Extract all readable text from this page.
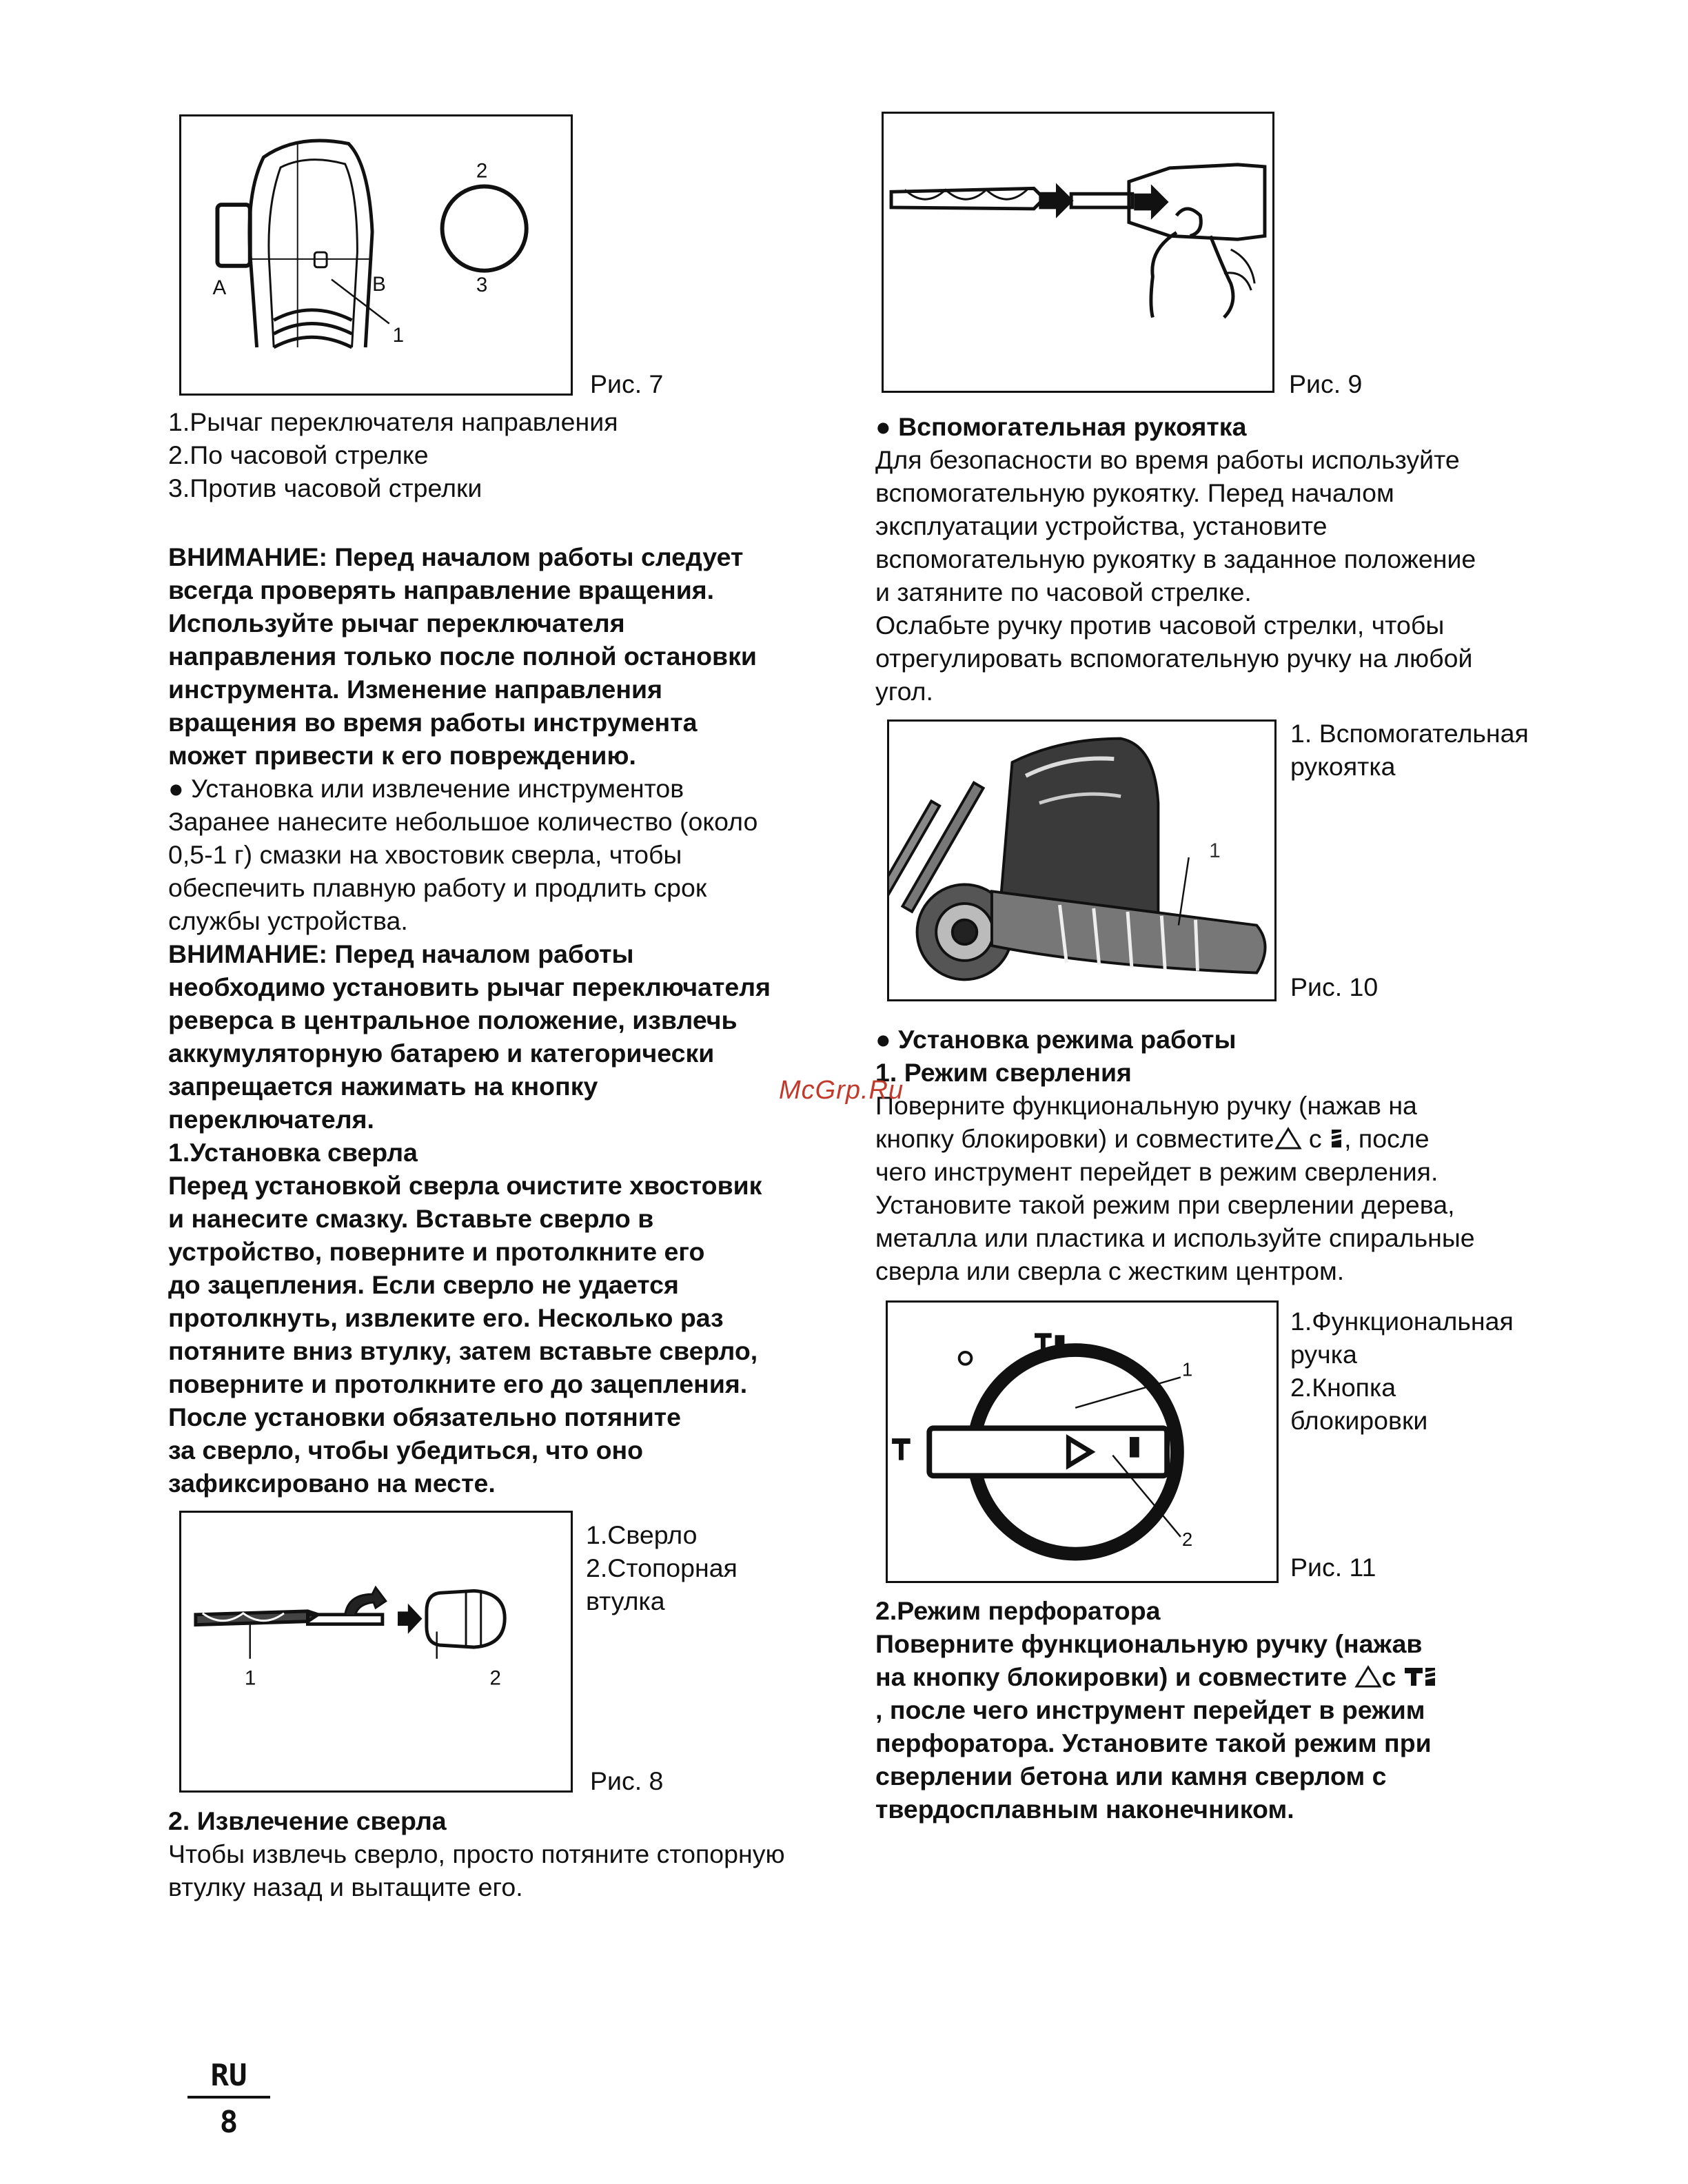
A	B
1
2
3
Рис. 7
1.Рычаг переключателя направления
2.По часовой стрелке
3.Против часовой стрелки
ВНИМАНИЕ: Перед началом работы следует
всегда проверять направление вращения.
Используйте рычаг переключателя
направления только после полной остановки
инструмента. Изменение направления
вращения во время работы инструмента
может привести к его повреждению.
● Установка или извлечение инструментов
Заранее нанесите небольшое количество (около
0,5-1 г) смазки на хвостовик сверла, чтобы
обеспечить плавную работу и продлить срок
службы устройства.
ВНИМАНИЕ: Перед началом работы
необходимо установить рычаг переключателя
реверса в центральное положение, извлечь
аккумуляторную батарею и категорически
запрещается нажимать на кнопку
переключателя.
1.Установка сверла
Перед установкой сверла очистите хвостовик
и нанесите смазку. Вставьте сверло в
устройство, поверните и протолкните его
до зацепления. Если сверло не удается
протолкнуть, извлеките его. Несколько раз
потяните вниз втулку, затем вставьте сверло,
поверните и протолкните его до зацепления.
После установки обязательно потяните
за сверло, чтобы убедиться, что оно
зафиксировано на месте.
1	2
1.Сверло
2.Стопорная
втулка
Рис. 8
2. Извлечение сверла
Чтобы извлечь сверло, просто потяните стопорную
втулку назад и вытащите его.
Рис. 9
● Вспомогательная рукоятка
Для безопасности во время работы используйте
вспомогательную рукоятку. Перед началом
эксплуатации устройства, установите
вспомогательную рукоятку в заданное положение
и затяните по часовой стрелке.
Ослабьте ручку против часовой стрелки, чтобы
отрегулировать вспомогательную ручку на любой
угол.
1
1. Вспомогательная
рукоятка
Рис. 10
● Установка режима работы
1. Режим сверления
Поверните функциональную ручку (нажав на
кнопку блокировки) и совместите с , после
чего инструмент перейдет в режим сверления.
Установите такой режим при сверлении дерева,
металла или пластика и используйте спиральные
сверла или сверла с жестким центром.
McGrp.Ru
1
2
1.Функциональная
ручка
2.Кнопка
блокировки
Рис. 11
2.Режим перфоратора
Поверните функциональную ручку (нажав
на кнопку блокировки) и совместите с
, после чего инструмент перейдет в режим
перфоратора. Установите такой режим при
сверлении бетона или камня сверлом с
твердосплавным наконечником.
RU
8
